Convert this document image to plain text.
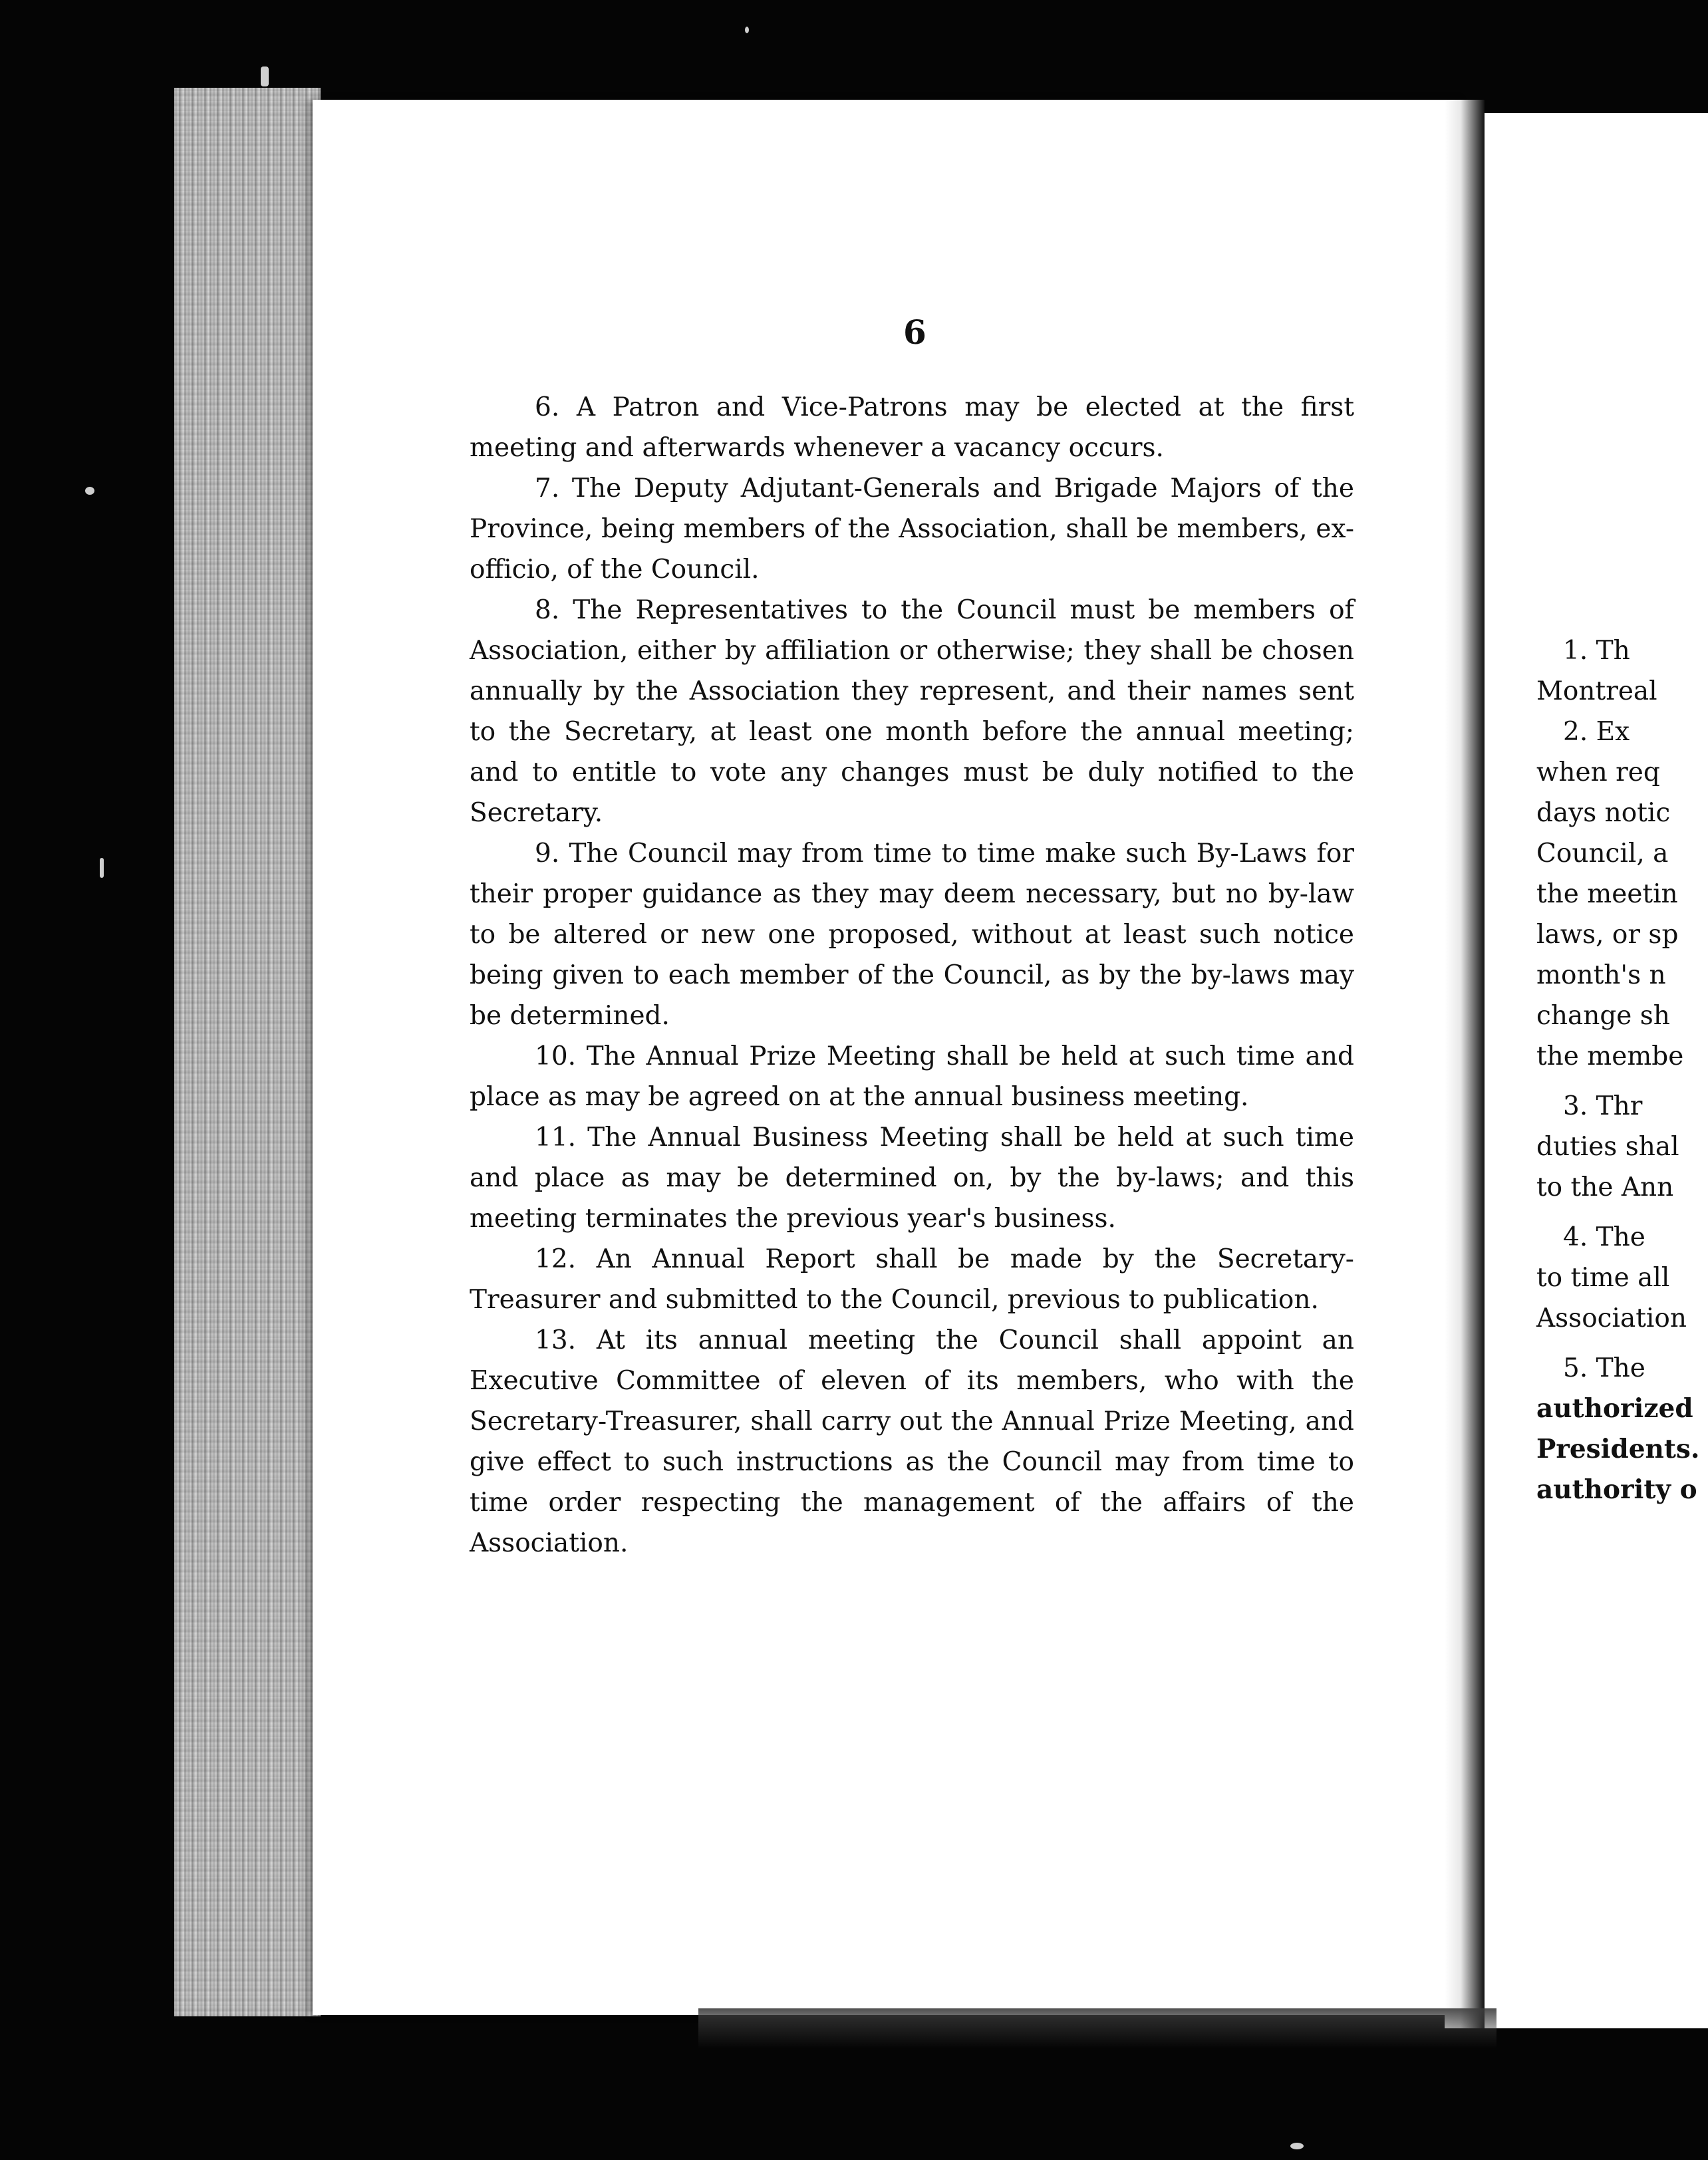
6

6. A Patron and Vice-Patrons may be elected at the first meeting and afterwards whenever a vacancy occurs.

7. The Deputy Adjutant-Generals and Brigade Majors of the Province, being members of the Association, shall be members, ex-officio, of the Council.

8. The Representatives to the Council must be members of Association, either by affiliation or otherwise; they shall be chosen annually by the Association they represent, and their names sent to the Secretary, at least one month before the annual meeting; and to entitle to vote any changes must be duly notified to the Secretary.

9. The Council may from time to time make such By-Laws for their proper guidance as they may deem necessary, but no by-law to be altered or new one proposed, without at least such notice being given to each member of the Council, as by the by-laws may be determined.

10. The Annual Prize Meeting shall be held at such time and place as may be agreed on at the annual business meeting.

11. The Annual Business Meeting shall be held at such time and place as may be determined on, by the by-laws; and this meeting terminates the previous year's business.

12. An Annual Report shall be made by the Secretary-Treasurer and submitted to the Council, previous to publication.

13. At its annual meeting the Council shall appoint an Executive Committee of eleven of its members, who with the Secretary-Treasurer, shall carry out the Annual Prize Meeting, and give effect to such instructions as the Council may from time to time order respecting the management of the affairs of the Association.

1. Th
Montreal
2. Ex
when req
days notic
Council, a
the meetin
laws, or sp
month's n
change sh
the membe
3. Thr
duties shal
to the Ann
4. The
to time all
Association
5. The
authorized
Presidents.
authority o
